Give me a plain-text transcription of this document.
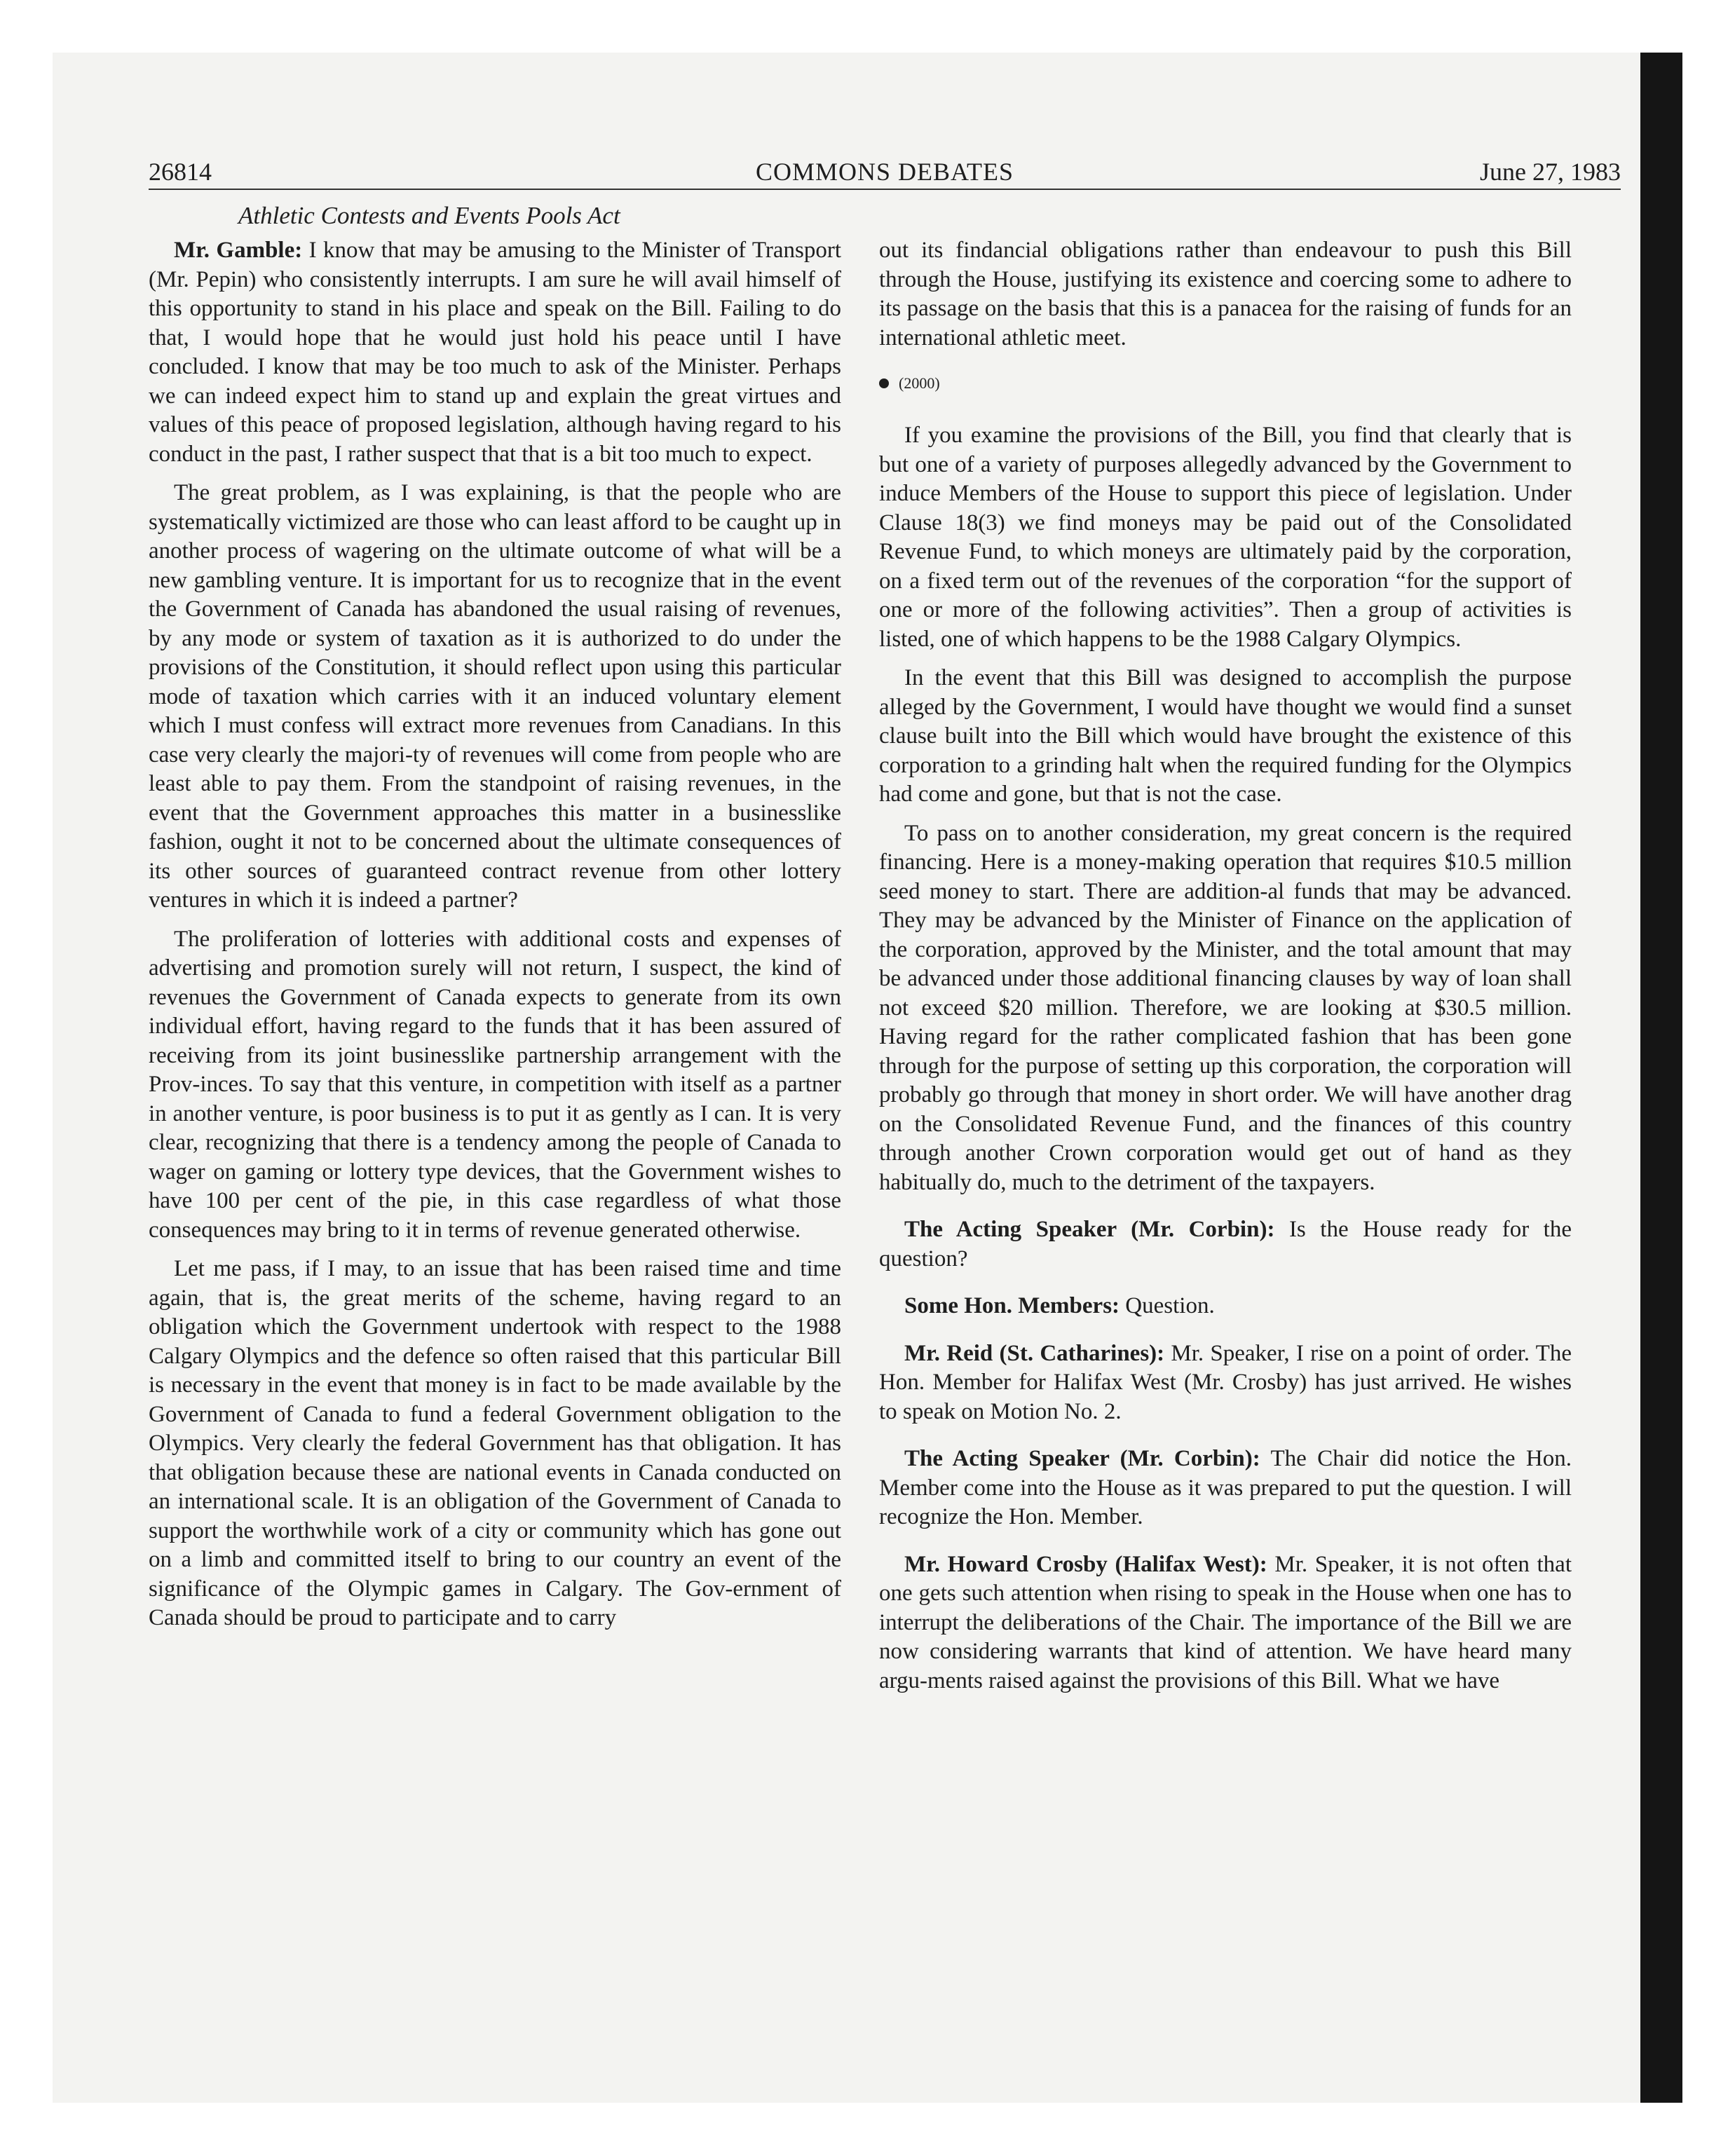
26814	COMMONS DEBATES	June 27, 1983
Athletic Contests and Events Pools Act

Mr. Gamble: I know that may be amusing to the Minister of Transport (Mr. Pepin) who consistently interrupts. I am sure he will avail himself of this opportunity to stand in his place and speak on the Bill. Failing to do that, I would hope that he would just hold his peace until I have concluded. I know that may be too much to ask of the Minister. Perhaps we can indeed expect him to stand up and explain the great virtues and values of this peace of proposed legislation, although having regard to his conduct in the past, I rather suspect that that is a bit too much to expect.

The great problem, as I was explaining, is that the people who are systematically victimized are those who can least afford to be caught up in another process of wagering on the ultimate outcome of what will be a new gambling venture. It is important for us to recognize that in the event the Government of Canada has abandoned the usual raising of revenues, by any mode or system of taxation as it is authorized to do under the provisions of the Constitution, it should reflect upon using this particular mode of taxation which carries with it an induced voluntary element which I must confess will extract more revenues from Canadians. In this case very clearly the majori-ty of revenues will come from people who are least able to pay them. From the standpoint of raising revenues, in the event that the Government approaches this matter in a businesslike fashion, ought it not to be concerned about the ultimate consequences of its other sources of guaranteed contract revenue from other lottery ventures in which it is indeed a partner?

The proliferation of lotteries with additional costs and expenses of advertising and promotion surely will not return, I suspect, the kind of revenues the Government of Canada expects to generate from its own individual effort, having regard to the funds that it has been assured of receiving from its joint businesslike partnership arrangement with the Prov-inces. To say that this venture, in competition with itself as a partner in another venture, is poor business is to put it as gently as I can. It is very clear, recognizing that there is a tendency among the people of Canada to wager on gaming or lottery type devices, that the Government wishes to have 100 per cent of the pie, in this case regardless of what those consequences may bring to it in terms of revenue generated otherwise.

Let me pass, if I may, to an issue that has been raised time and time again, that is, the great merits of the scheme, having regard to an obligation which the Government undertook with respect to the 1988 Calgary Olympics and the defence so often raised that this particular Bill is necessary in the event that money is in fact to be made available by the Government of Canada to fund a federal Government obligation to the Olympics. Very clearly the federal Government has that obligation. It has that obligation because these are national events in Canada conducted on an international scale. It is an obligation of the Government of Canada to support the worthwhile work of a city or community which has gone out on a limb and committed itself to bring to our country an event of the significance of the Olympic games in Calgary. The Gov-ernment of Canada should be proud to participate and to carry

out its findancial obligations rather than endeavour to push this Bill through the House, justifying its existence and coercing some to adhere to its passage on the basis that this is a panacea for the raising of funds for an international athletic meet.

(2000)

If you examine the provisions of the Bill, you find that clearly that is but one of a variety of purposes allegedly advanced by the Government to induce Members of the House to support this piece of legislation. Under Clause 18(3) we find moneys may be paid out of the Consolidated Revenue Fund, to which moneys are ultimately paid by the corporation, on a fixed term out of the revenues of the corporation “for the support of one or more of the following activities”. Then a group of activities is listed, one of which happens to be the 1988 Calgary Olympics.

In the event that this Bill was designed to accomplish the purpose alleged by the Government, I would have thought we would find a sunset clause built into the Bill which would have brought the existence of this corporation to a grinding halt when the required funding for the Olympics had come and gone, but that is not the case.

To pass on to another consideration, my great concern is the required financing. Here is a money-making operation that requires $10.5 million seed money to start. There are addition-al funds that may be advanced. They may be advanced by the Minister of Finance on the application of the corporation, approved by the Minister, and the total amount that may be advanced under those additional financing clauses by way of loan shall not exceed $20 million. Therefore, we are looking at $30.5 million. Having regard for the rather complicated fashion that has been gone through for the purpose of setting up this corporation, the corporation will probably go through that money in short order. We will have another drag on the Consolidated Revenue Fund, and the finances of this country through another Crown corporation would get out of hand as they habitually do, much to the detriment of the taxpayers.

The Acting Speaker (Mr. Corbin): Is the House ready for the question?

Some Hon. Members: Question.

Mr. Reid (St. Catharines): Mr. Speaker, I rise on a point of order. The Hon. Member for Halifax West (Mr. Crosby) has just arrived. He wishes to speak on Motion No. 2.

The Acting Speaker (Mr. Corbin): The Chair did notice the Hon. Member come into the House as it was prepared to put the question. I will recognize the Hon. Member.

Mr. Howard Crosby (Halifax West): Mr. Speaker, it is not often that one gets such attention when rising to speak in the House when one has to interrupt the deliberations of the Chair. The importance of the Bill we are now considering warrants that kind of attention. We have heard many argu-ments raised against the provisions of this Bill. What we have
